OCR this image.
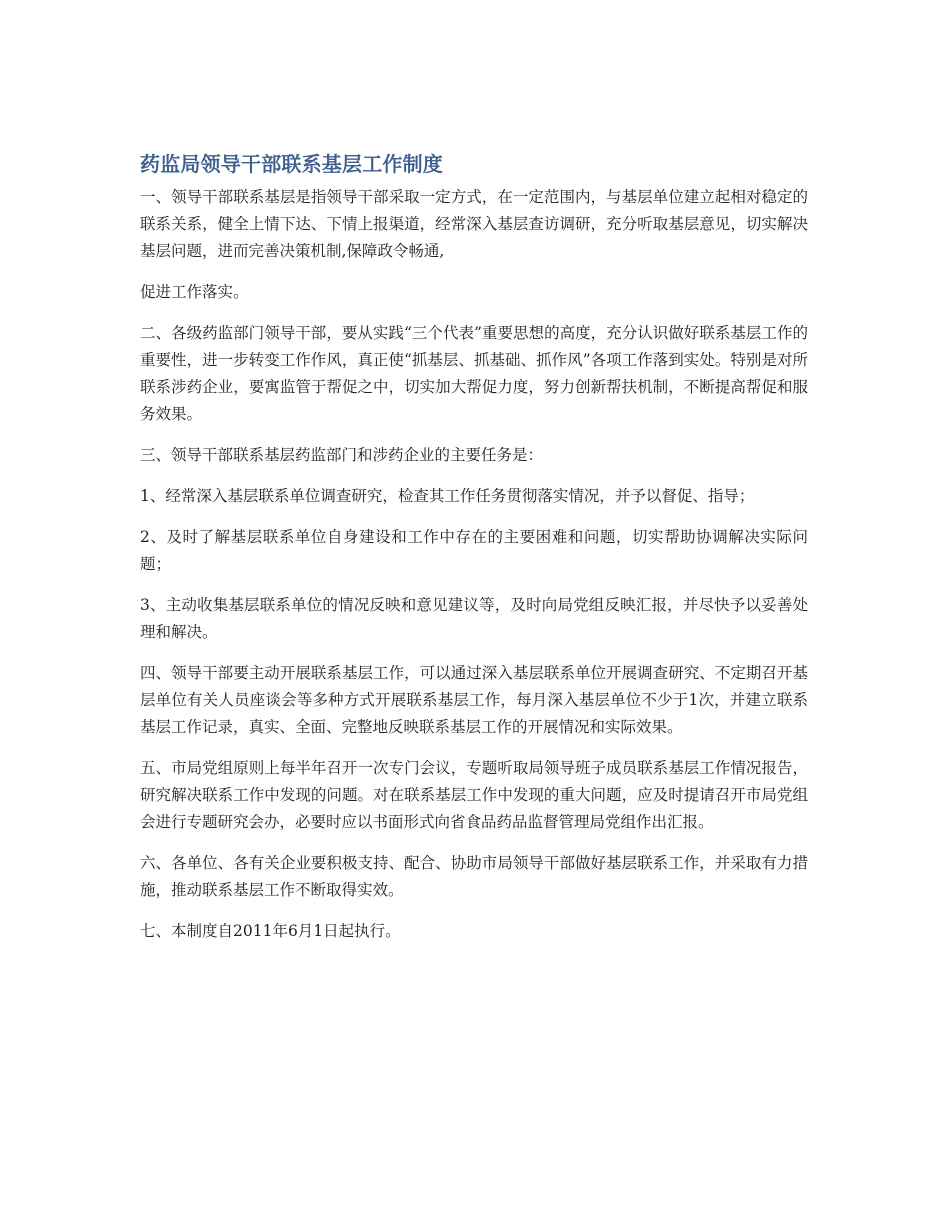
药监局领导干部联系基层工作制度

一、领导干部联系基层是指领导干部采取一定方式，在一定范围内，与基层单位建立起相对稳定的联系关系，健全上情下达、下情上报渠道，经常深入基层查访调研，充分听取基层意见，切实解决基层问题，进而完善决策机制,保障政令畅通,

促进工作落实。

二、各级药监部门领导干部，要从实践“三个代表”重要思想的高度，充分认识做好联系基层工作的重要性，进一步转变工作作风，真正使“抓基层、抓基础、抓作风”各项工作落到实处。特别是对所联系涉药企业，要寓监管于帮促之中，切实加大帮促力度，努力创新帮扶机制，不断提高帮促和服务效果。

三、领导干部联系基层药监部门和涉药企业的主要任务是：

1、经常深入基层联系单位调查研究，检查其工作任务贯彻落实情况，并予以督促、指导；

2、及时了解基层联系单位自身建设和工作中存在的主要困难和问题，切实帮助协调解决实际问题；

3、主动收集基层联系单位的情况反映和意见建议等，及时向局党组反映汇报，并尽快予以妥善处理和解决。

四、领导干部要主动开展联系基层工作，可以通过深入基层联系单位开展调查研究、不定期召开基层单位有关人员座谈会等多种方式开展联系基层工作，每月深入基层单位不少于1次，并建立联系基层工作记录，真实、全面、完整地反映联系基层工作的开展情况和实际效果。

五、市局党组原则上每半年召开一次专门会议，专题听取局领导班子成员联系基层工作情况报告，研究解决联系工作中发现的问题。对在联系基层工作中发现的重大问题，应及时提请召开市局党组会进行专题研究会办，必要时应以书面形式向省食品药品监督管理局党组作出汇报。

六、各单位、各有关企业要积极支持、配合、协助市局领导干部做好基层联系工作，并采取有力措施，推动联系基层工作不断取得实效。

七、本制度自2011年6月1日起执行。
